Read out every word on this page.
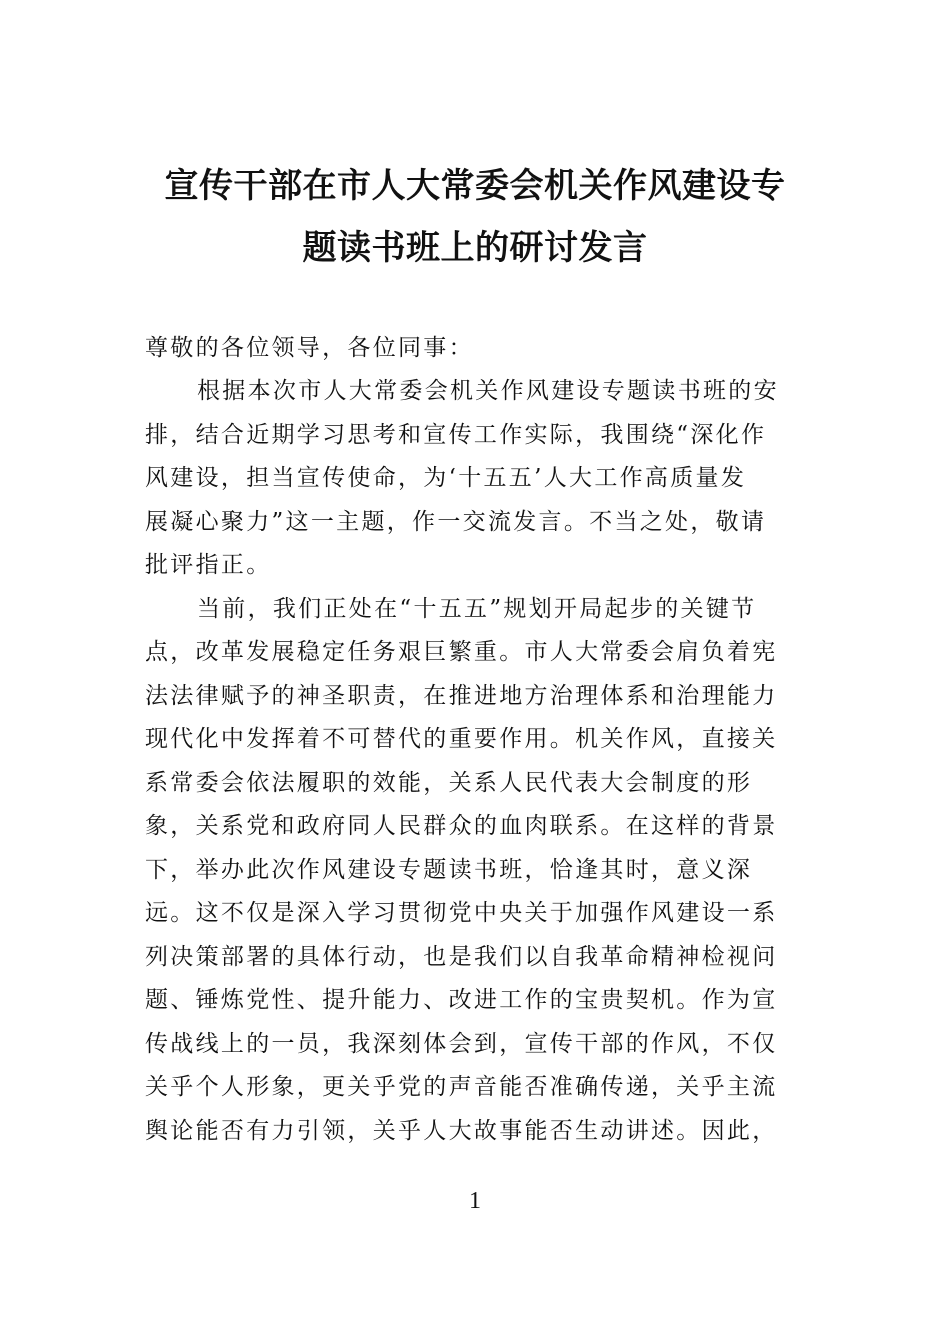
宣传干部在市人大常委会机关作风建设专
题读书班上的研讨发言

尊敬的各位领导，各位同事：

根据本次市人大常委会机关作风建设专题读书班的安
排，结合近期学习思考和宣传工作实际，我围绕“深化作
风建设，担当宣传使命，为‘十五五’人大工作高质量发
展凝心聚力”这一主题，作一交流发言。不当之处，敬请
批评指正。

当前，我们正处在“十五五”规划开局起步的关键节
点，改革发展稳定任务艰巨繁重。市人大常委会肩负着宪
法法律赋予的神圣职责，在推进地方治理体系和治理能力
现代化中发挥着不可替代的重要作用。机关作风，直接关
系常委会依法履职的效能，关系人民代表大会制度的形
象，关系党和政府同人民群众的血肉联系。在这样的背景
下，举办此次作风建设专题读书班，恰逢其时，意义深
远。这不仅是深入学习贯彻党中央关于加强作风建设一系
列决策部署的具体行动，也是我们以自我革命精神检视问
题、锤炼党性、提升能力、改进工作的宝贵契机。作为宣
传战线上的一员，我深刻体会到，宣传干部的作风，不仅
关乎个人形象，更关乎党的声音能否准确传递，关乎主流
舆论能否有力引领，关乎人大故事能否生动讲述。因此，

1
